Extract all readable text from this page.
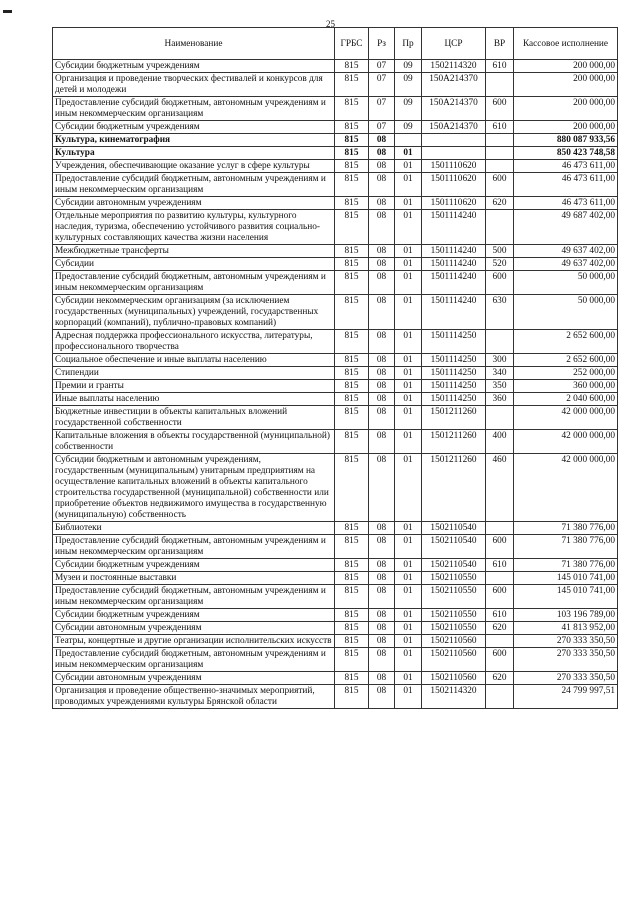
25
Наименование	ГРБС	Рз	Пр	ЦСР	ВР	Кассовое исполнение
Субсидии бюджетным учреждениям	815	07	09	1502114320	610	200 000,00
Организация и проведение творческих фестивалей и конкурсов для детей и молодежи	815	07	09	150А214370		200 000,00
Предоставление субсидий бюджетным, автономным учреждениям и иным некоммерческим организациям	815	07	09	150А214370	600	200 000,00
Субсидии бюджетным учреждениям	815	07	09	150А214370	610	200 000,00
Культура, кинематография	815	08				880 087 933,56
Культура	815	08	01			850 423 748,58
Учреждения, обеспечивающие оказание услуг в сфере культуры	815	08	01	1501110620		46 473 611,00
Предоставление субсидий бюджетным, автономным учреждениям и иным некоммерческим организациям	815	08	01	1501110620	600	46 473 611,00
Субсидии автономным учреждениям	815	08	01	1501110620	620	46 473 611,00
Отдельные мероприятия по развитию культуры, культурного наследия, туризма, обеспечению устойчивого развития социально-культурных составляющих качества жизни населения	815	08	01	1501114240		49 687 402,00
Межбюджетные трансферты	815	08	01	1501114240	500	49 637 402,00
Субсидии	815	08	01	1501114240	520	49 637 402,00
Предоставление субсидий бюджетным, автономным учреждениям и иным некоммерческим организациям	815	08	01	1501114240	600	50 000,00
Субсидии некоммерческим организациям (за исключением государственных (муниципальных) учреждений, государственных корпораций (компаний), публично-правовых компаний)	815	08	01	1501114240	630	50 000,00
Адресная поддержка профессионального искусства, литературы, профессионального творчества	815	08	01	1501114250		2 652 600,00
Социальное обеспечение и иные выплаты населению	815	08	01	1501114250	300	2 652 600,00
Стипендии	815	08	01	1501114250	340	252 000,00
Премии и гранты	815	08	01	1501114250	350	360 000,00
Иные выплаты населению	815	08	01	1501114250	360	2 040 600,00
Бюджетные инвестиции в объекты капитальных вложений государственной собственности	815	08	01	1501211260		42 000 000,00
Капитальные вложения в объекты государственной (муниципальной) собственности	815	08	01	1501211260	400	42 000 000,00
Субсидии бюджетным и автономным учреждениям, государственным (муниципальным) унитарным предприятиям на осуществление капитальных вложений в объекты капитального строительства государственной (муниципальной) собственности или приобретение объектов недвижимого имущества в государственную (муниципальную) собственность	815	08	01	1501211260	460	42 000 000,00
Библиотеки	815	08	01	1502110540		71 380 776,00
Предоставление субсидий бюджетным, автономным учреждениям и иным некоммерческим организациям	815	08	01	1502110540	600	71 380 776,00
Субсидии бюджетным учреждениям	815	08	01	1502110540	610	71 380 776,00
Музеи и постоянные выставки	815	08	01	1502110550		145 010 741,00
Предоставление субсидий бюджетным, автономным учреждениям и иным некоммерческим организациям	815	08	01	1502110550	600	145 010 741,00
Субсидии бюджетным учреждениям	815	08	01	1502110550	610	103 196 789,00
Субсидии автономным учреждениям	815	08	01	1502110550	620	41 813 952,00
Театры, концертные и другие организации исполнительских искусств	815	08	01	1502110560		270 333 350,50
Предоставление субсидий бюджетным, автономным учреждениям и иным некоммерческим организациям	815	08	01	1502110560	600	270 333 350,50
Субсидии автономным учреждениям	815	08	01	1502110560	620	270 333 350,50
Организация и проведение общественно-значимых мероприятий, проводимых учреждениями культуры Брянской области	815	08	01	1502114320		24 799 997,51
